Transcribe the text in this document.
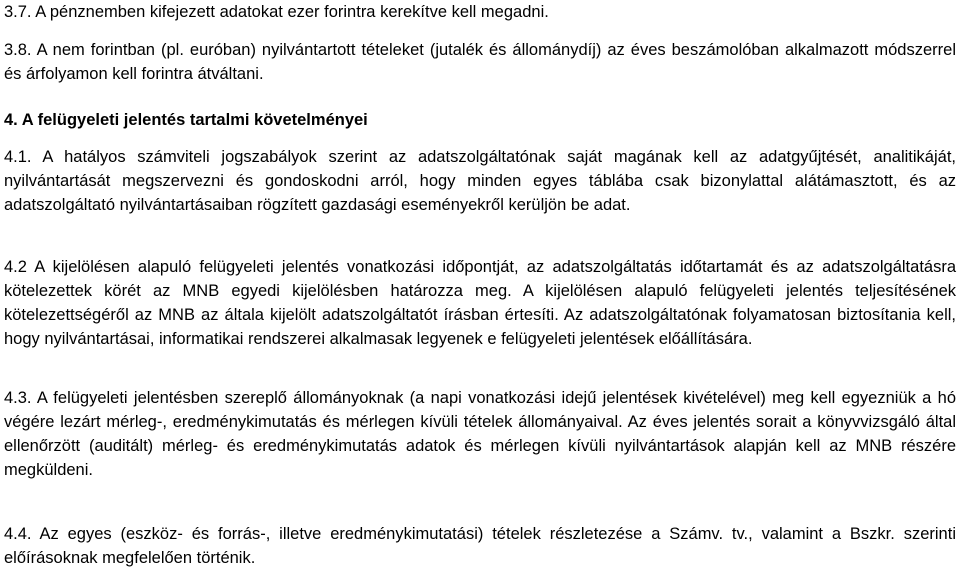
3.7. A pénznemben kifejezett adatokat ezer forintra kerekítve kell megadni.

3.8. A nem forintban (pl. euróban) nyilvántartott tételeket (jutalék és állománydíj) az éves beszámolóban alkalmazott módszerrel és árfolyamon kell forintra átváltani.

4. A felügyeleti jelentés tartalmi követelményei

4.1. A hatályos számviteli jogszabályok szerint az adatszolgáltatónak saját magának kell az adatgyűjtését, analitikáját, nyilvántartását megszervezni és gondoskodni arról, hogy minden egyes táblába csak bizonylattal alátámasztott, és az adatszolgáltató nyilvántartásaiban rögzített gazdasági eseményekről kerüljön be adat.

4.2 A kijelölésen alapuló felügyeleti jelentés vonatkozási időpontját, az adatszolgáltatás időtartamát és az adatszolgáltatásra kötelezettek körét az MNB egyedi kijelölésben határozza meg. A kijelölésen alapuló felügyeleti jelentés teljesítésének kötelezettségéről az MNB az általa kijelölt adatszolgáltatót írásban értesíti. Az adatszolgáltatónak folyamatosan biztosítania kell, hogy nyilvántartásai, informatikai rendszerei alkalmasak legyenek e felügyeleti jelentések előállítására.

4.3. A felügyeleti jelentésben szereplő állományoknak (a napi vonatkozási idejű jelentések kivételével) meg kell egyezniük a hó végére lezárt mérleg-, eredménykimutatás és mérlegen kívüli tételek állományaival. Az éves jelentés sorait a könyvvizsgáló által ellenőrzött (auditált) mérleg- és eredménykimutatás adatok és mérlegen kívüli nyilvántartások alapján kell az MNB részére megküldeni.

4.4. Az egyes (eszköz- és forrás-, illetve eredménykimutatási) tételek részletezése a Számv. tv., valamint a Bszkr. szerinti előírásoknak megfelelően történik.
